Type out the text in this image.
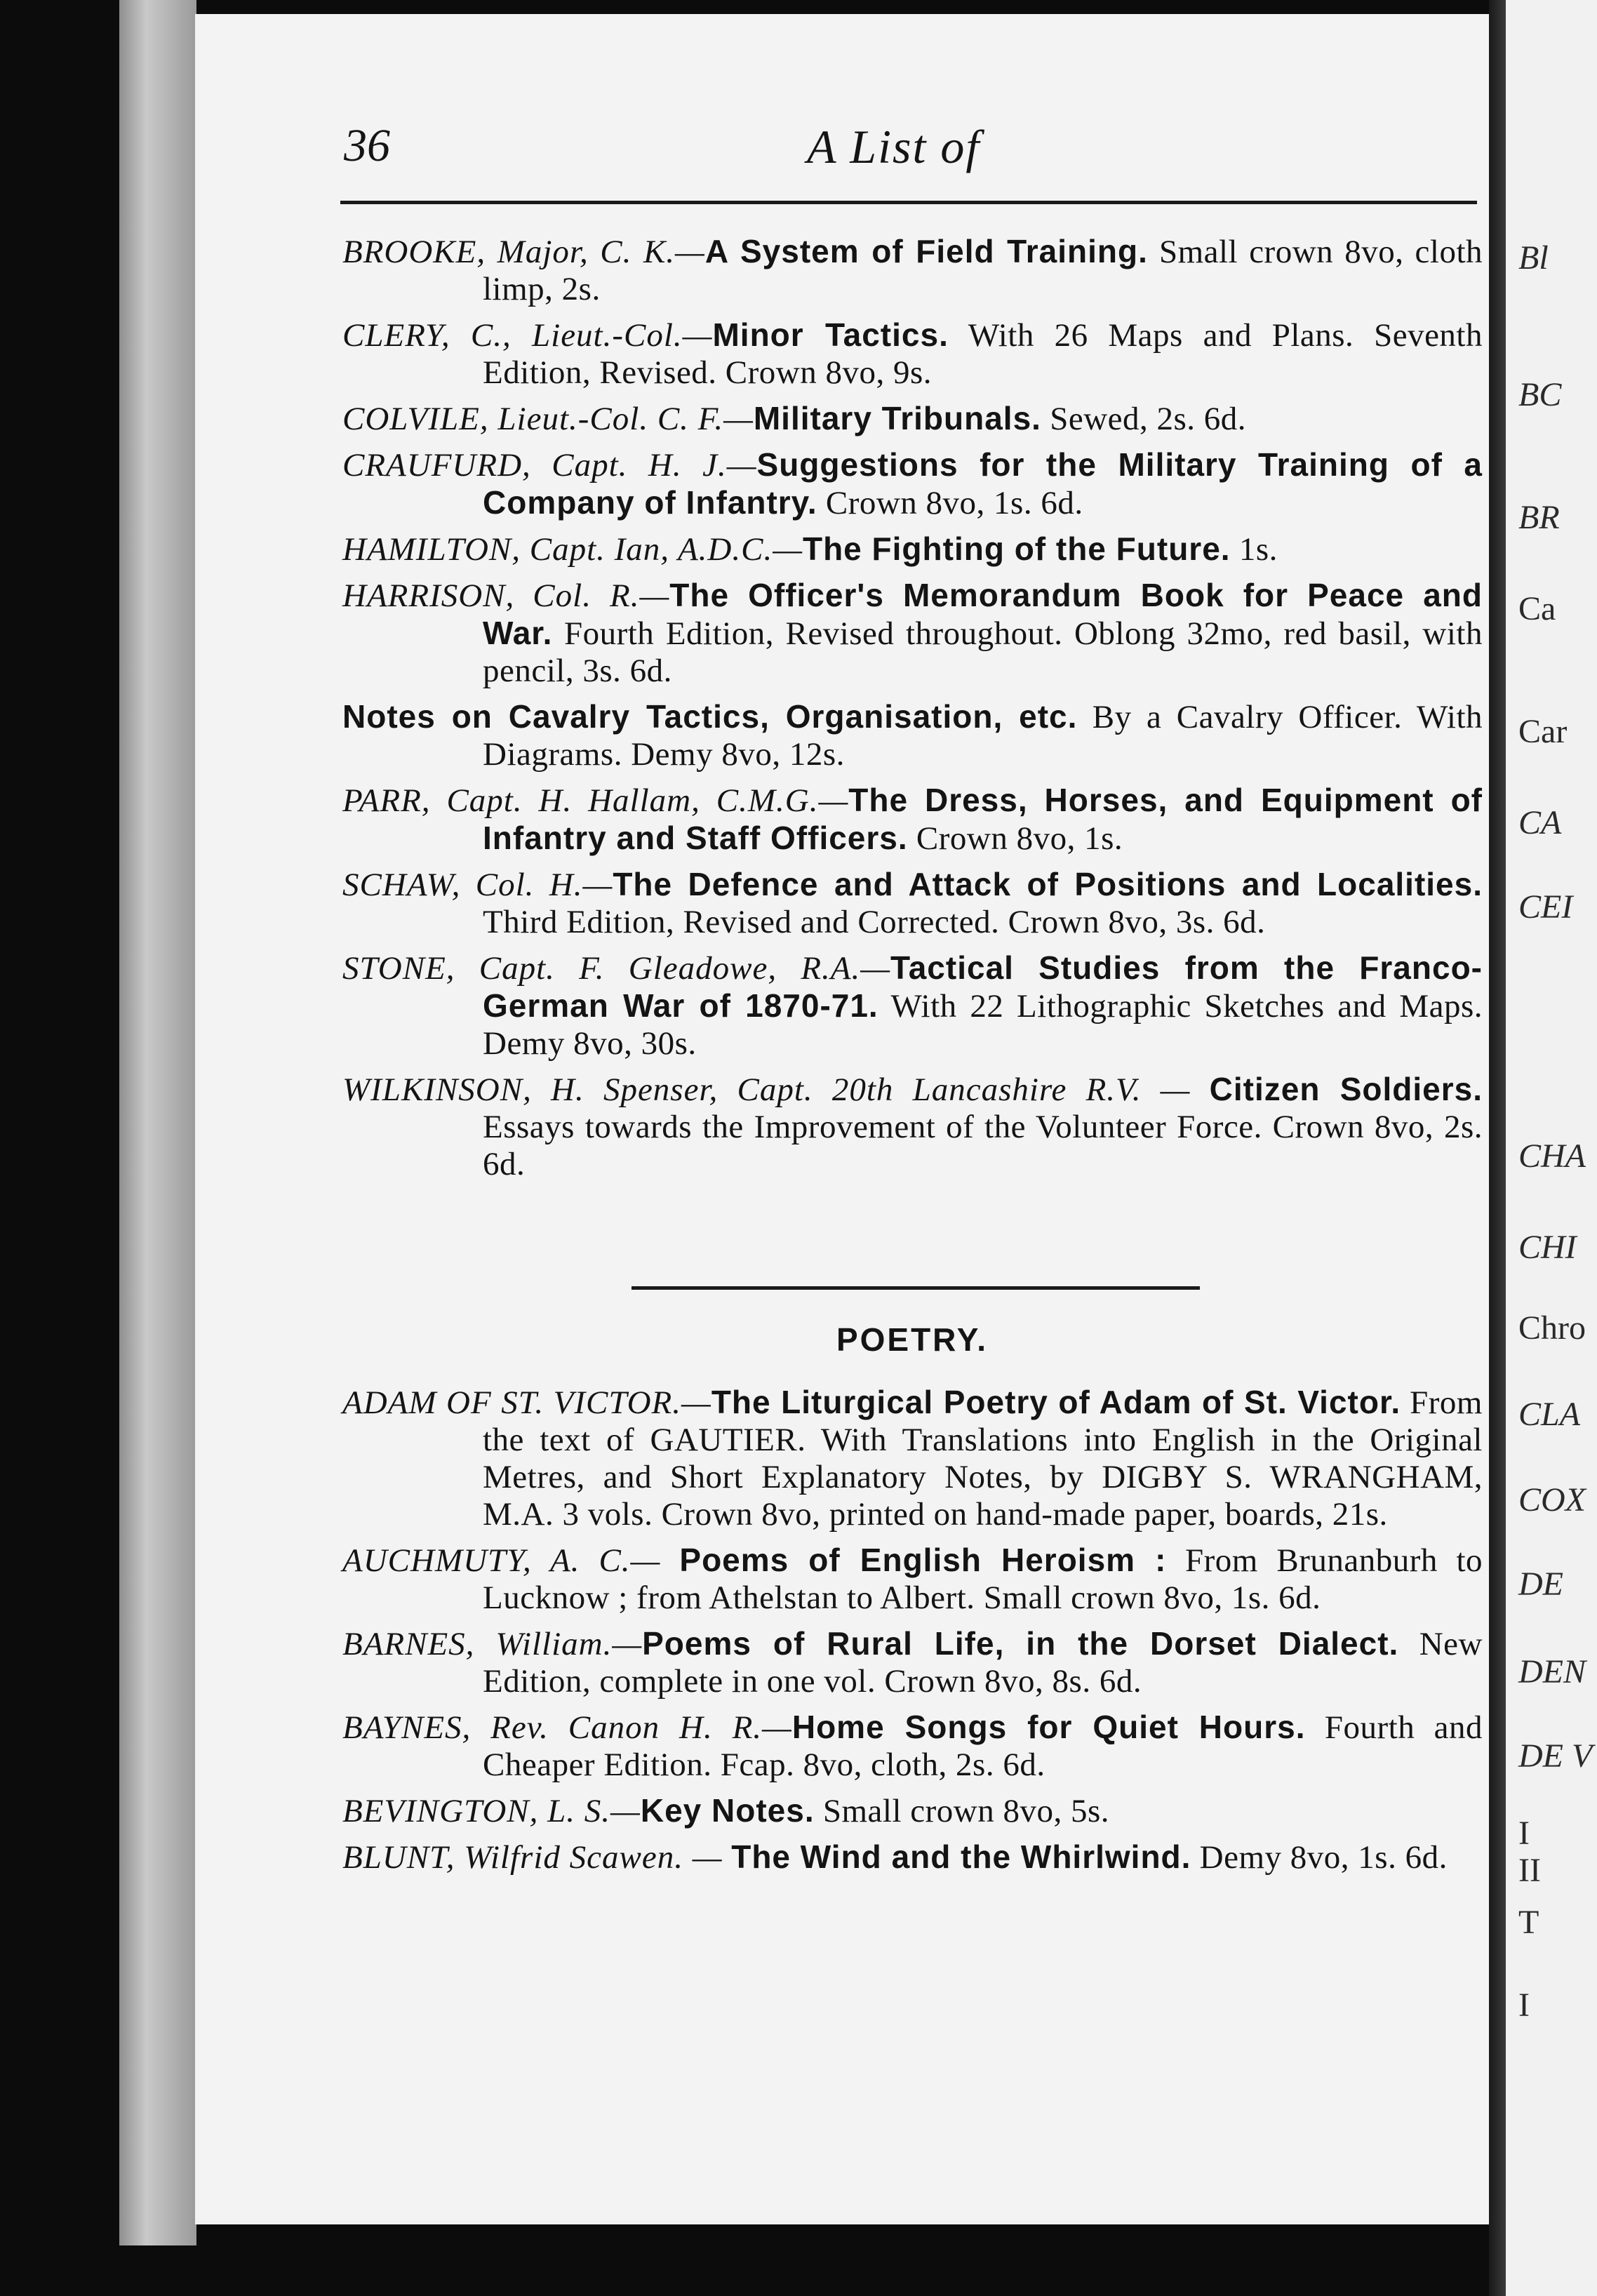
36	A List of

BROOKE, Major, C. K.—A System of Field Training. Small crown 8vo, cloth limp, 2s.

CLERY, C., Lieut.-Col.—Minor Tactics. With 26 Maps and Plans. Seventh Edition, Revised. Crown 8vo, 9s.

COLVILE, Lieut.-Col. C. F.—Military Tribunals. Sewed, 2s. 6d.

CRAUFURD, Capt. H. J.—Suggestions for the Military Training of a Company of Infantry. Crown 8vo, 1s. 6d.

HAMILTON, Capt. Ian, A.D.C.—The Fighting of the Future. 1s.

HARRISON, Col. R.—The Officer's Memorandum Book for Peace and War. Fourth Edition, Revised throughout. Oblong 32mo, red basil, with pencil, 3s. 6d.

Notes on Cavalry Tactics, Organisation, etc. By a Cavalry Officer. With Diagrams. Demy 8vo, 12s.

PARR, Capt. H. Hallam, C.M.G.—The Dress, Horses, and Equipment of Infantry and Staff Officers. Crown 8vo, 1s.

SCHAW, Col. H.—The Defence and Attack of Positions and Localities. Third Edition, Revised and Corrected. Crown 8vo, 3s. 6d.

STONE, Capt. F. Gleadowe, R.A.—Tactical Studies from the Franco-German War of 1870-71. With 22 Lithographic Sketches and Maps. Demy 8vo, 30s.

WILKINSON, H. Spenser, Capt. 20th Lancashire R.V. — Citizen Soldiers. Essays towards the Improvement of the Volunteer Force. Crown 8vo, 2s. 6d.

POETRY.

ADAM OF ST. VICTOR.—The Liturgical Poetry of Adam of St. Victor. From the text of GAUTIER. With Translations into English in the Original Metres, and Short Explanatory Notes, by DIGBY S. WRANGHAM, M.A. 3 vols. Crown 8vo, printed on hand-made paper, boards, 21s.

AUCHMUTY, A. C.— Poems of English Heroism : From Brunanburh to Lucknow ; from Athelstan to Albert. Small crown 8vo, 1s. 6d.

BARNES, William.—Poems of Rural Life, in the Dorset Dialect. New Edition, complete in one vol. Crown 8vo, 8s. 6d.

BAYNES, Rev. Canon H. R.—Home Songs for Quiet Hours. Fourth and Cheaper Edition. Fcap. 8vo, cloth, 2s. 6d.

BEVINGTON, L. S.—Key Notes. Small crown 8vo, 5s.

BLUNT, Wilfrid Scawen. — The Wind and the Whirlwind. Demy 8vo, 1s. 6d.

Bl
BC
BR
Ca
Car
CA
CEI
CHA
CHI
Chro
CLA
COX
DE
DEN
DE V
I
II
T
I
